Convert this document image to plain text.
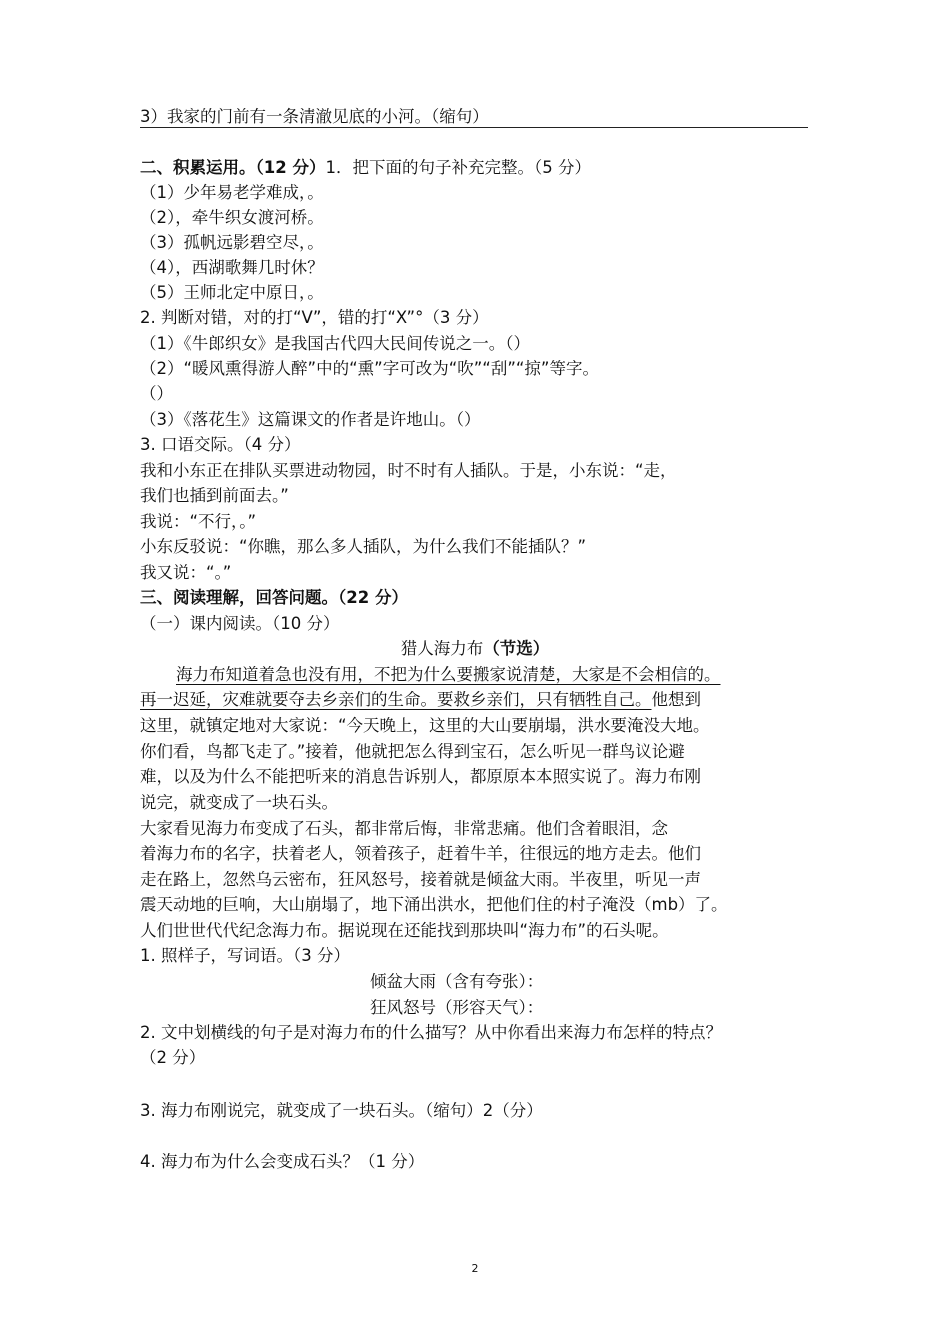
3）我家的门前有一条清澈见底的小河。（缩句）
二、积累运用。（12 分）1．把下面的句子补充完整。（5 分）
（1）少年易老学难成，。
（2），牵牛织女渡河桥。
（3）孤帆远影碧空尽，。
（4），西湖歌舞几时休？
（5）王师北定中原日，。
2. 判断对错，对的打“V”，错的打“X”°（3 分）
（1）《牛郎织女》是我国古代四大民间传说之一。（）
（2）“暖风熏得游人醉”中的“熏”字可改为“吹”“刮”“掠”等字。
（）
（3）《落花生》这篇课文的作者是许地山。（）
3. 口语交际。（4 分）
我和小东正在排队买票进动物园，时不时有人插队。于是，小东说：“走，
我们也插到前面去。”
我说：“不行，。”
小东反驳说：“你瞧，那么多人插队，为什么我们不能插队？”
我又说：“。”
三、阅读理解，回答问题。（22 分）
（一）课内阅读。（10 分）
猎人海力布（节选）
海力布知道着急也没有用，不把为什么要搬家说清楚，大家是不会相信的。
再一迟延，灾难就要夺去乡亲们的生命。要救乡亲们，只有牺牲自己。他想到
这里，就镇定地对大家说：“今天晚上，这里的大山要崩塌，洪水要淹没大地。
你们看，鸟都飞走了。”接着，他就把怎么得到宝石，怎么听见一群鸟议论避
难，以及为什么不能把听来的消息告诉别人，都原原本本照实说了。海力布刚
说完，就变成了一块石头。
大家看见海力布变成了石头，都非常后悔，非常悲痛。他们含着眼泪，念
着海力布的名字，扶着老人，领着孩子，赶着牛羊，往很远的地方走去。他们
走在路上，忽然乌云密布，狂风怒号，接着就是倾盆大雨。半夜里，听见一声
震天动地的巨响，大山崩塌了，地下涌出洪水，把他们住的村子淹没（mb）了。
人们世世代代纪念海力布。据说现在还能找到那块叫“海力布”的石头呢。
1. 照样子，写词语。（3 分）
倾盆大雨（含有夸张）：
狂风怒号（形容天气）：
2. 文中划横线的句子是对海力布的什么描写？从中你看出来海力布怎样的特点？
（2 分）
3. 海力布刚说完，就变成了一块石头。（缩句）2（分）
4. 海力布为什么会变成石头？（1 分）
2
